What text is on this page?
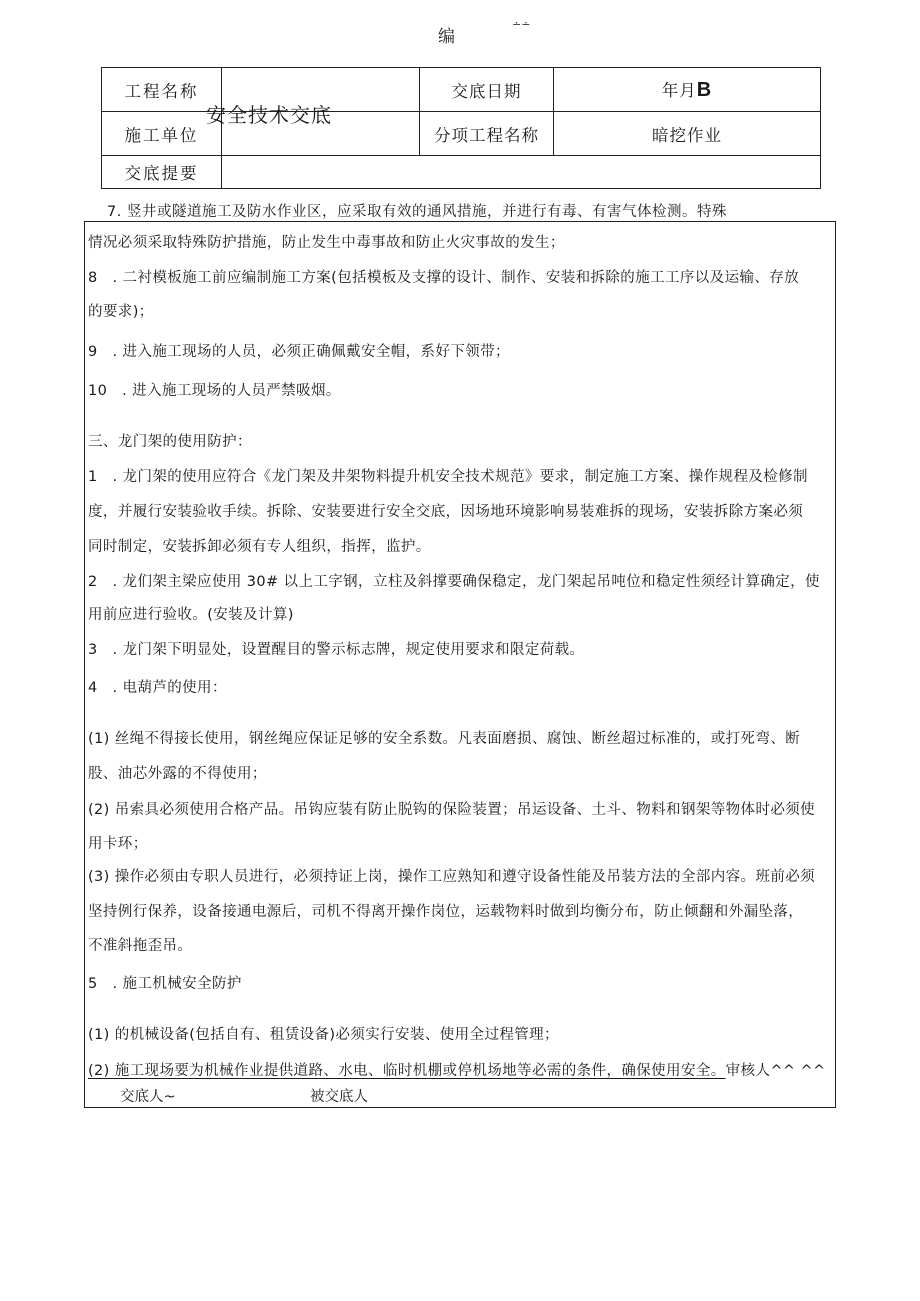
编
∸∸
工程名称		交底日期	年月B
施工单位		分项工程名称	暗挖作业
交底提要			
安全技术交底
7. 竖井或隧道施工及防水作业区，应采取有效的通风措施，并进行有毒、有害气体检测。特殊
情况必须采取特殊防护措施，防止发生中毒事故和防止火灾事故的发生；
8　. 二衬模板施工前应编制施工方案(包括模板及支撑的设计、制作、安装和拆除的施工工序以及运输、存放
的要求)；
9　. 进入施工现场的人员，必须正确佩戴安全帽，系好下领带；
10　. 进入施工现场的人员严禁吸烟。
三、龙门架的使用防护：
1　. 龙门架的使用应符合《龙门架及井架物料提升机安全技术规范》要求，制定施工方案、操作规程及检修制
度，并履行安装验收手续。拆除、安装要进行安全交底，因场地环境影响易装难拆的现场，安装拆除方案必须
同时制定，安装拆卸必须有专人组织，指挥，监护。
2　. 龙们架主梁应使用 30# 以上工字钢，立柱及斜撑要确保稳定，龙门架起吊吨位和稳定性须经计算确定，使
用前应进行验收。(安装及计算)
3　. 龙门架下明显处，设置醒目的警示标志牌，规定使用要求和限定荷载。
4　. 电葫芦的使用：
(1) 丝绳不得接长使用，钢丝绳应保证足够的安全系数。凡表面磨损、腐蚀、断丝超过标准的，或打死弯、断
股、油芯外露的不得使用；
(2) 吊索具必须使用合格产品。吊钩应装有防止脱钩的保险装置；吊运设备、土斗、物料和钢架等物体时必须使
用卡环；
(3) 操作必须由专职人员进行，必须持证上岗，操作工应熟知和遵守设备性能及吊装方法的全部内容。班前必须
坚持例行保养，设备接通电源后，司机不得离开操作岗位，运载物料时做到均衡分布，防止倾翻和外漏坠落，
不准斜拖歪吊。
5　. 施工机械安全防护
(1) 的机械设备(包括自有、租赁设备)必须实行安装、使用全过程管理；
(2) 施工现场要为机械作业提供道路、水电、临时机棚或停机场地等必需的条件，确保使用安全。审核人^^ ^^
交底人~	被交底人
